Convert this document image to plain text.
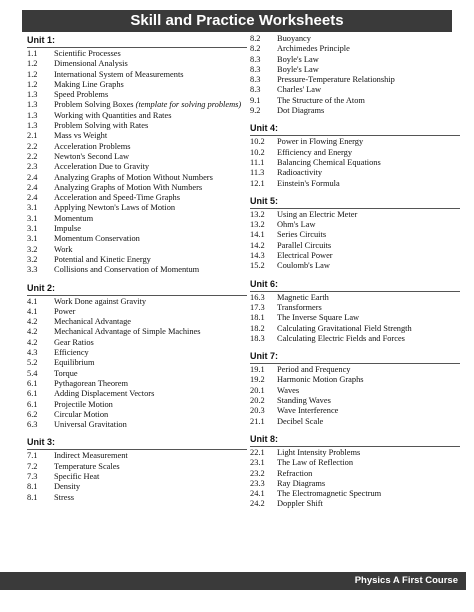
Skill and Practice Worksheets
Unit 1:
1.1	Scientific Processes
1.2	Dimensional Analysis
1.2	International System of Measurements
1.2	Making Line Graphs
1.3	Speed Problems
1.3	Problem Solving Boxes (template for solving problems)
1.3	Working with Quantities and Rates
1.3	Problem Solving with Rates
2.1	Mass vs Weight
2.2	Acceleration Problems
2.2	Newton's Second Law
2.3	Acceleration Due to Gravity
2.4	Analyzing Graphs of Motion Without Numbers
2.4	Analyzing Graphs of Motion With Numbers
2.4	Acceleration and Speed-Time Graphs
3.1	Applying Newton's Laws of Motion
3.1	Momentum
3.1	Impulse
3.1	Momentum Conservation
3.2	Work
3.2	Potential and Kinetic Energy
3.3	Collisions and Conservation of Momentum
Unit 2:
4.1	Work Done against Gravity
4.1	Power
4.2	Mechanical Advantage
4.2	Mechanical Advantage of Simple Machines
4.2	Gear Ratios
4.3	Efficiency
5.2	Equilibrium
5.4	Torque
6.1	Pythagorean Theorem
6.1	Adding Displacement Vectors
6.1	Projectile Motion
6.2	Circular Motion
6.3	Universal Gravitation
Unit 3:
7.1	Indirect Measurement
7.2	Temperature Scales
7.3	Specific Heat
8.1	Density
8.1	Stress
8.2	Buoyancy
8.2	Archimedes Principle
8.3	Boyle's Law
8.3	Boyle's Law
8.3	Pressure-Temperature Relationship
8.3	Charles' Law
9.1	The Structure of the Atom
9.2	Dot Diagrams
Unit 4:
10.2	Power in Flowing Energy
10.2	Efficiency and Energy
11.1	Balancing Chemical Equations
11.3	Radioactivity
12.1	Einstein's Formula
Unit 5:
13.2	Using an Electric Meter
13.2	Ohm's Law
14.1	Series Circuits
14.2	Parallel Circuits
14.3	Electrical Power
15.2	Coulomb's Law
Unit 6:
16.3	Magnetic Earth
17.3	Transformers
18.1	The Inverse Square Law
18.2	Calculating Gravitational Field Strength
18.3	Calculating Electric Fields and Forces
Unit 7:
19.1	Period and Frequency
19.2	Harmonic Motion Graphs
20.1	Waves
20.2	Standing Waves
20.3	Wave Interference
21.1	Decibel Scale
Unit 8:
22.1	Light Intensity Problems
23.1	The Law of Reflection
23.2	Refraction
23.3	Ray Diagrams
24.1	The Electromagnetic Spectrum
24.2	Doppler Shift
Physics A First Course
